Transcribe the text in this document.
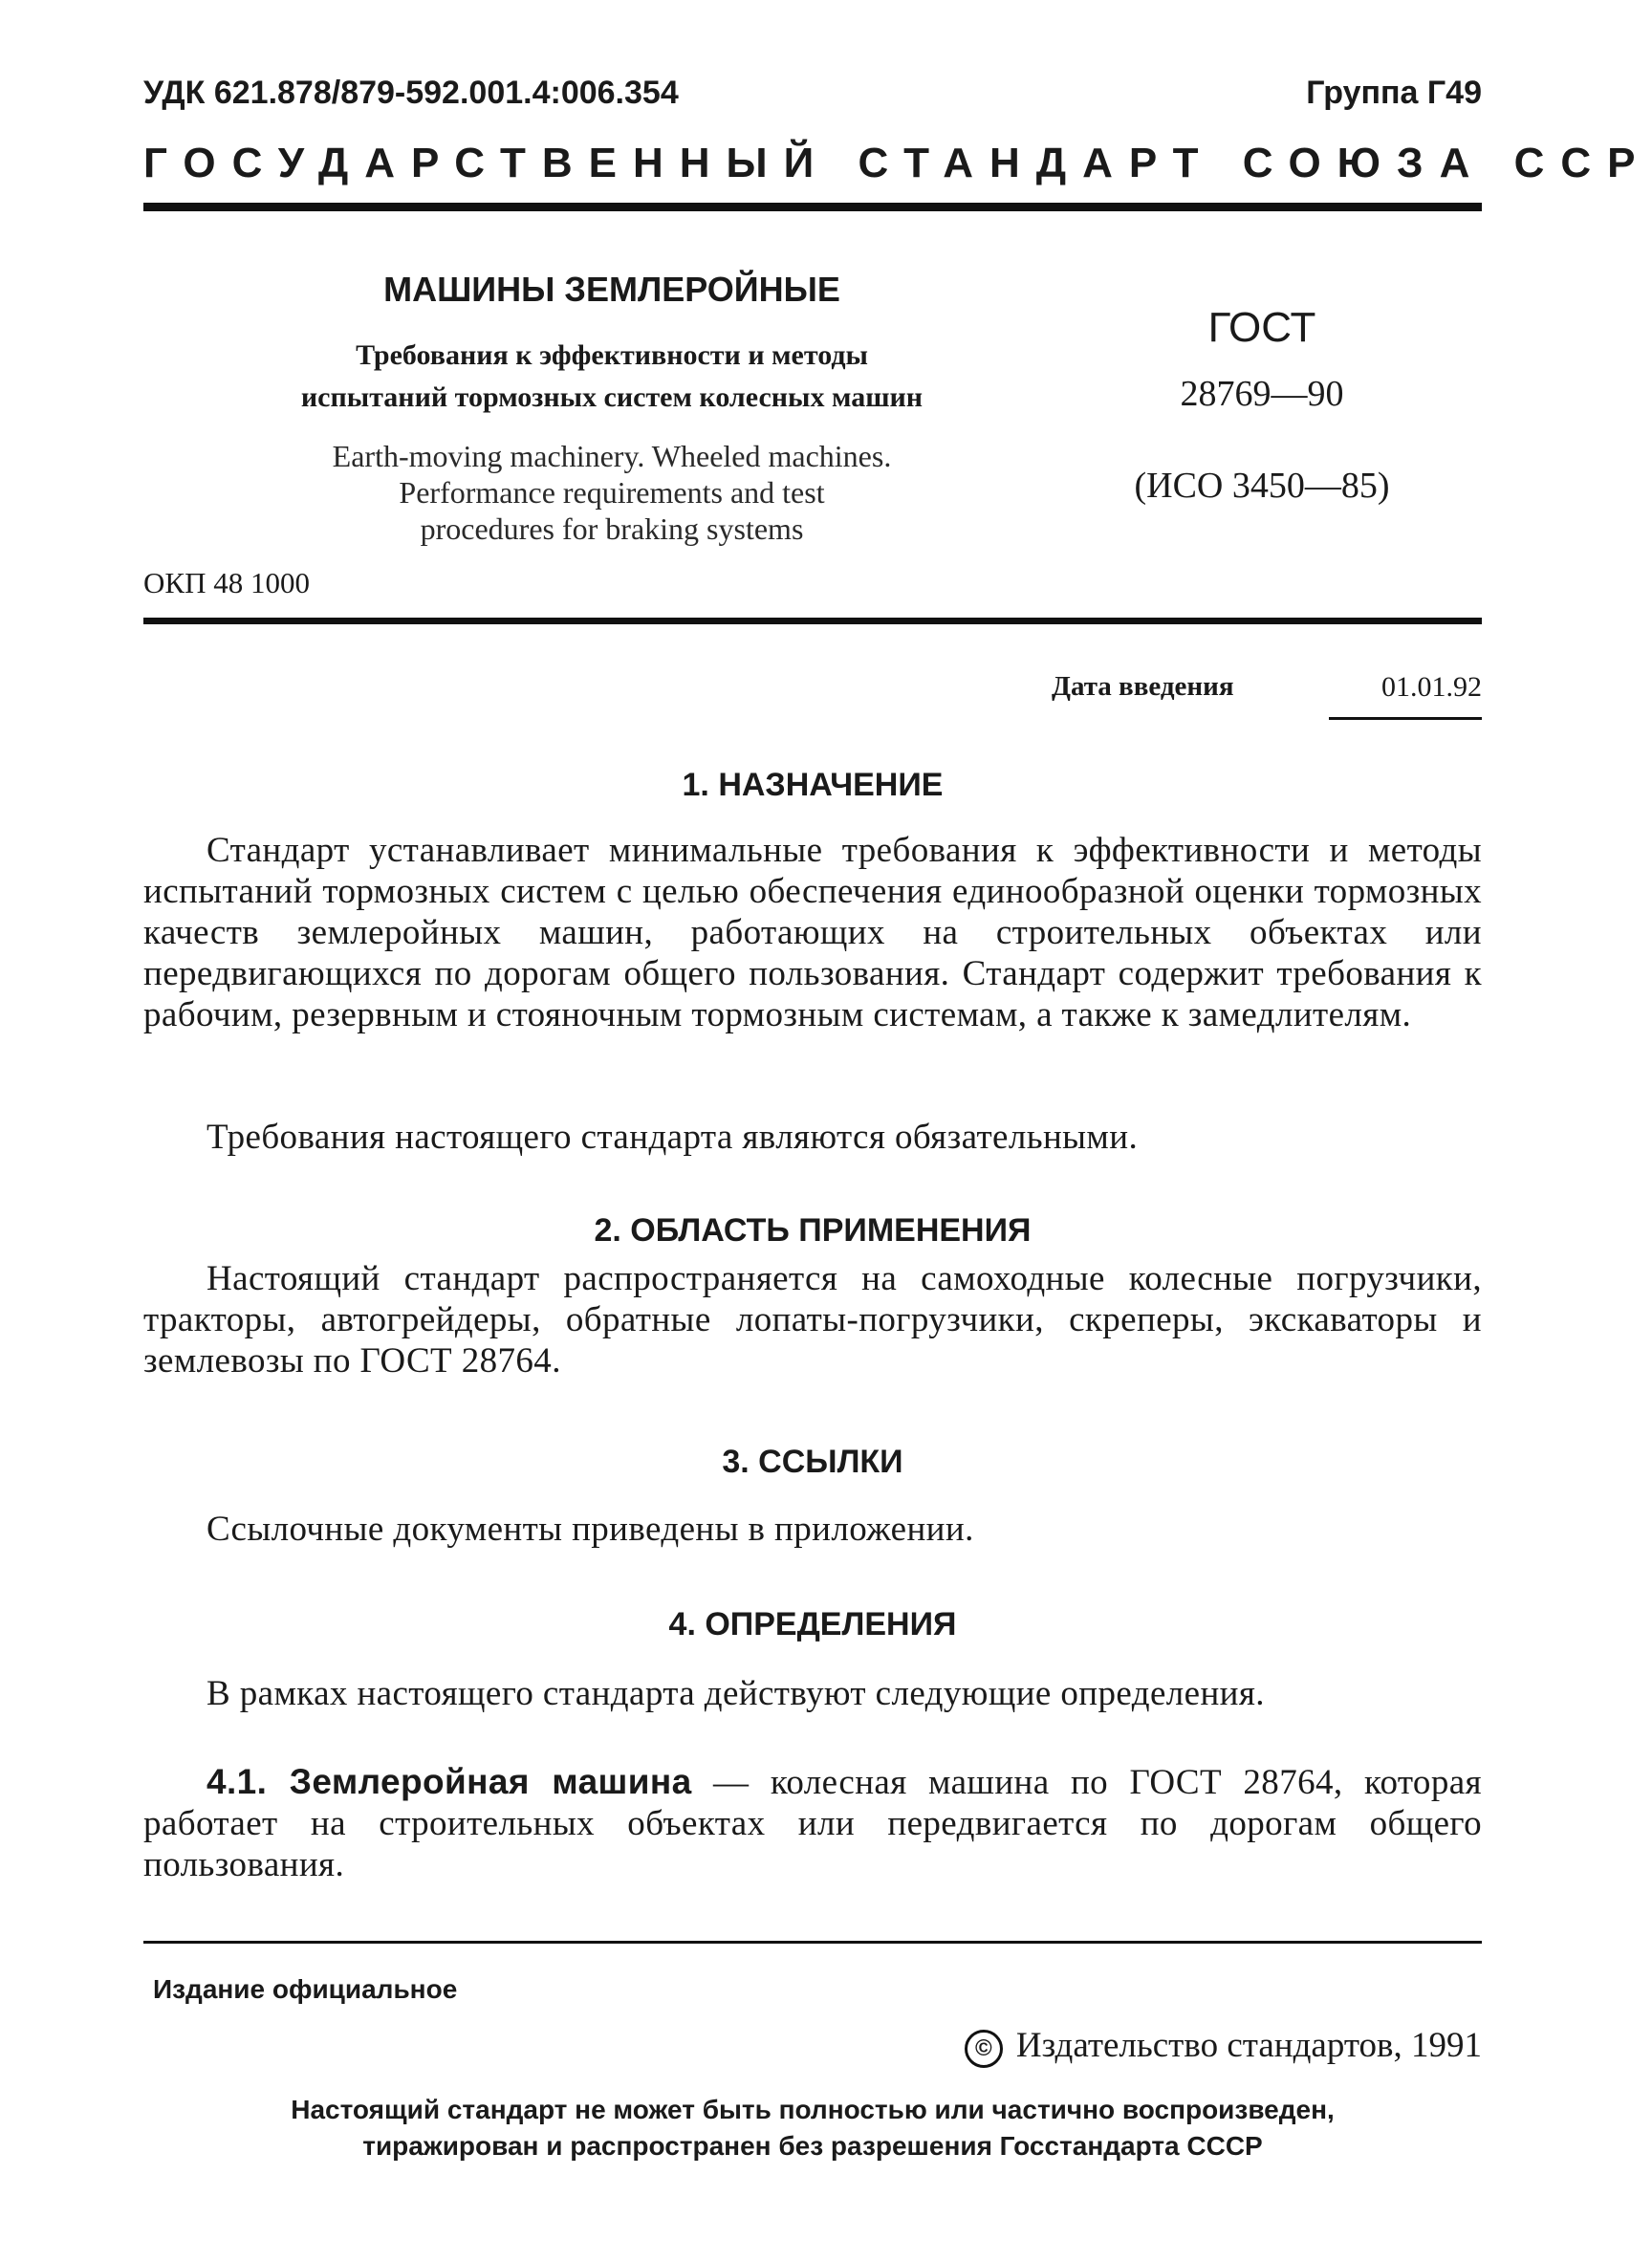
УДК 621.878/879-592.001.4:006.354	Группа Г49
ГОСУДАРСТВЕННЫЙ СТАНДАРТ СОЮЗА ССР

МАШИНЫ ЗЕМЛЕРОЙНЫЕ

Требования к эффективности и методы

испытаний тормозных систем колесных машин

Earth-moving machinery. Wheeled machines.
Performance requirements and test
procedures for braking systems

ГОСТ

28769—90

(ИСО 3450—85)

ОКП 48 1000
Дата введения	01.01.92
1. НАЗНАЧЕНИЕ

Стандарт устанавливает минимальные требования к эффективности и методы испытаний тормозных систем с целью обеспечения единообразной оценки тормозных качеств землеройных машин, работающих на строительных объектах или передвигающихся по дорогам общего пользования. Стандарт содержит требования к рабочим, резервным и стояночным тормозным системам, а также к замедлителям.

Требования настоящего стандарта являются обязательными.

2. ОБЛАСТЬ ПРИМЕНЕНИЯ

Настоящий стандарт распространяется на самоходные колесные погрузчики, тракторы, автогрейдеры, обратные лопаты-погрузчики, скреперы, экскаваторы и землевозы по ГОСТ 28764.

3. ССЫЛКИ

Ссылочные документы приведены в приложении.

4. ОПРЕДЕЛЕНИЯ

В рамках настоящего стандарта действуют следующие определения.

4.1. Землеройная машина — колесная машина по ГОСТ 28764, которая работает на строительных объектах или передвигается по дорогам общего пользования.

Издание официальное
© Издательство стандартов, 1991
Настоящий стандарт не может быть полностью или частично воспроизведен,
тиражирован и распространен без разрешения Госстандарта СССР
